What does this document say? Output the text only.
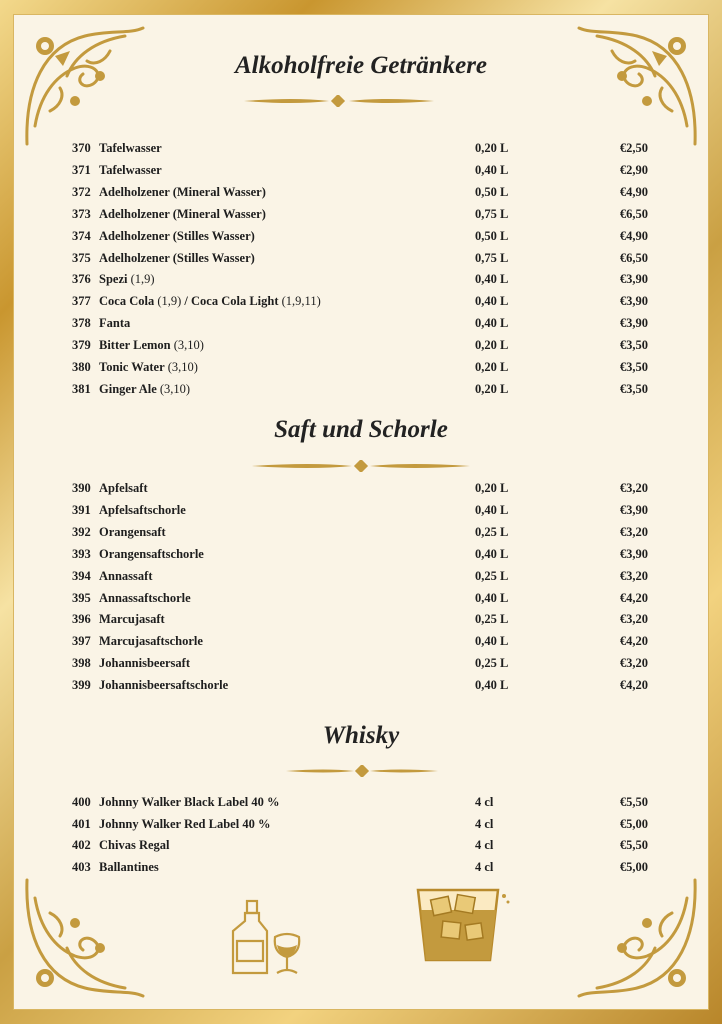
Alkoholfreie Getränkere
Saft und Schorle
Whisky
370 Tafelwasser	0,20 L	€2,50
371 Tafelwasser	0,40 L	€2,90
372 Adelholzener (Mineral Wasser)	0,50 L	€4,90
373 Adelholzener (Mineral Wasser)	0,75 L	€6,50
374 Adelholzener (Stilles Wasser)	0,50 L	€4,90
375 Adelholzener (Stilles Wasser)	0,75 L	€6,50
376 Spezi (1,9)	0,40 L	€3,90
377 Coca Cola (1,9) / Coca Cola Light (1,9,11)	0,40 L	€3,90
378 Fanta	0,40 L	€3,90
379 Bitter Lemon (3,10)	0,20 L	€3,50
380 Tonic Water (3,10)	0,20 L	€3,50
381 Ginger Ale (3,10)	0,20 L	€3,50
390 Apfelsaft	0,20 L	€3,20
391 Apfelsaftschorle	0,40 L	€3,90
392 Orangensaft	0,25 L	€3,20
393 Orangensaftschorle	0,40 L	€3,90
394 Annassaft	0,25 L	€3,20
395 Annassaftschorle	0,40 L	€4,20
396 Marcujasaft	0,25 L	€3,20
397 Marcujasaftschorle	0,40 L	€4,20
398 Johannisbeersaft	0,25 L	€3,20
399 Johannisbeersaftschorle	0,40 L	€4,20
400 Johnny Walker Black Label 40 %	4 cl	€5,50
401 Johnny Walker Red Label 40 %	4 cl	€5,00
402 Chivas Regal	4 cl	€5,50
403 Ballantines	4 cl	€5,00
